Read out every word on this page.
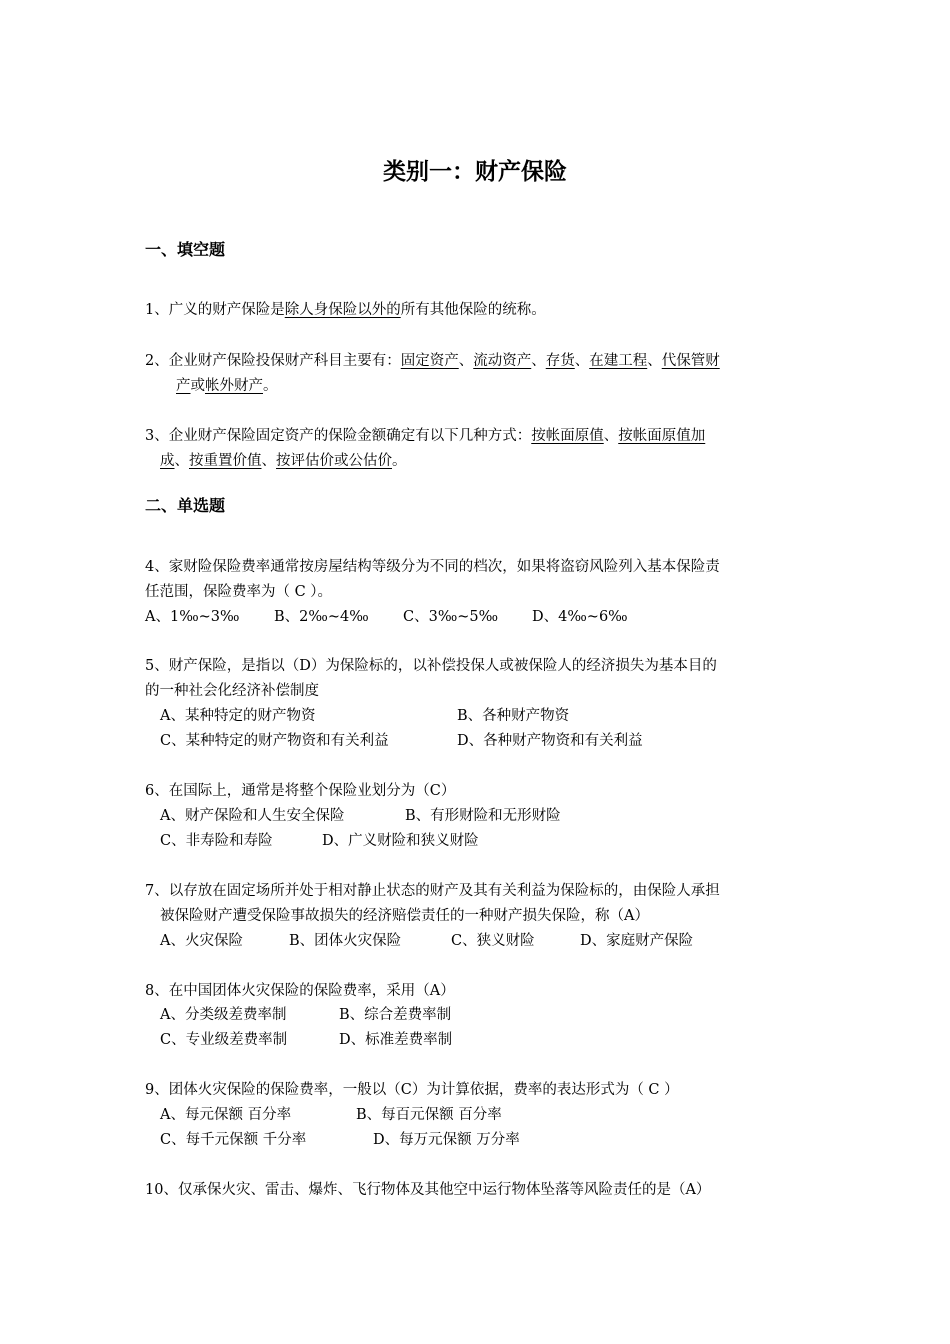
类别一：财产保险
一、填空题
1、广义的财产保险是除人身保险以外的所有其他保险的统称。
2、企业财产保险投保财产科目主要有：固定资产、流动资产、存货、在建工程、代保管财
产或帐外财产。
3、企业财产保险固定资产的保险金额确定有以下几种方式：按帐面原值、按帐面原值加
成、按重置价值、按评估价或公估价。
二、单选题
4、家财险保险费率通常按房屋结构等级分为不同的档次，如果将盗窃风险列入基本保险责
任范围，保险费率为（ C ）。
A、1‰~3‰ B、2‰~4‰ C、3‰~5‰ D、4‰~6‰
5、财产保险，是指以（D）为保险标的，以补偿投保人或被保险人的经济损失为基本目的
的一种社会化经济补偿制度
A、某种特定的财产物资	B、各种财产物资
C、某种特定的财产物资和有关利益	D、各种财产物资和有关利益
6、在国际上，通常是将整个保险业划分为（C）
A、财产保险和人生安全保险	B、有形财险和无形财险
C、非寿险和寿险	D、广义财险和狭义财险
7、以存放在固定场所并处于相对静止状态的财产及其有关利益为保险标的，由保险人承担
被保险财产遭受保险事故损失的经济赔偿责任的一种财产损失保险，称（A）
A、火灾保险	B、团体火灾保险	C、狭义财险	D、家庭财产保险
8、在中国团体火灾保险的保险费率，采用（A）
A、分类级差费率制	B、综合差费率制
C、专业级差费率制	D、标准差费率制
9、团体火灾保险的保险费率，一般以（C）为计算依据，费率的表达形式为（ C ）
A、每元保额 百分率	B、每百元保额 百分率
C、每千元保额 千分率	D、每万元保额 万分率
10、仅承保火灾、雷击、爆炸、飞行物体及其他空中运行物体坠落等风险责任的是（A）
